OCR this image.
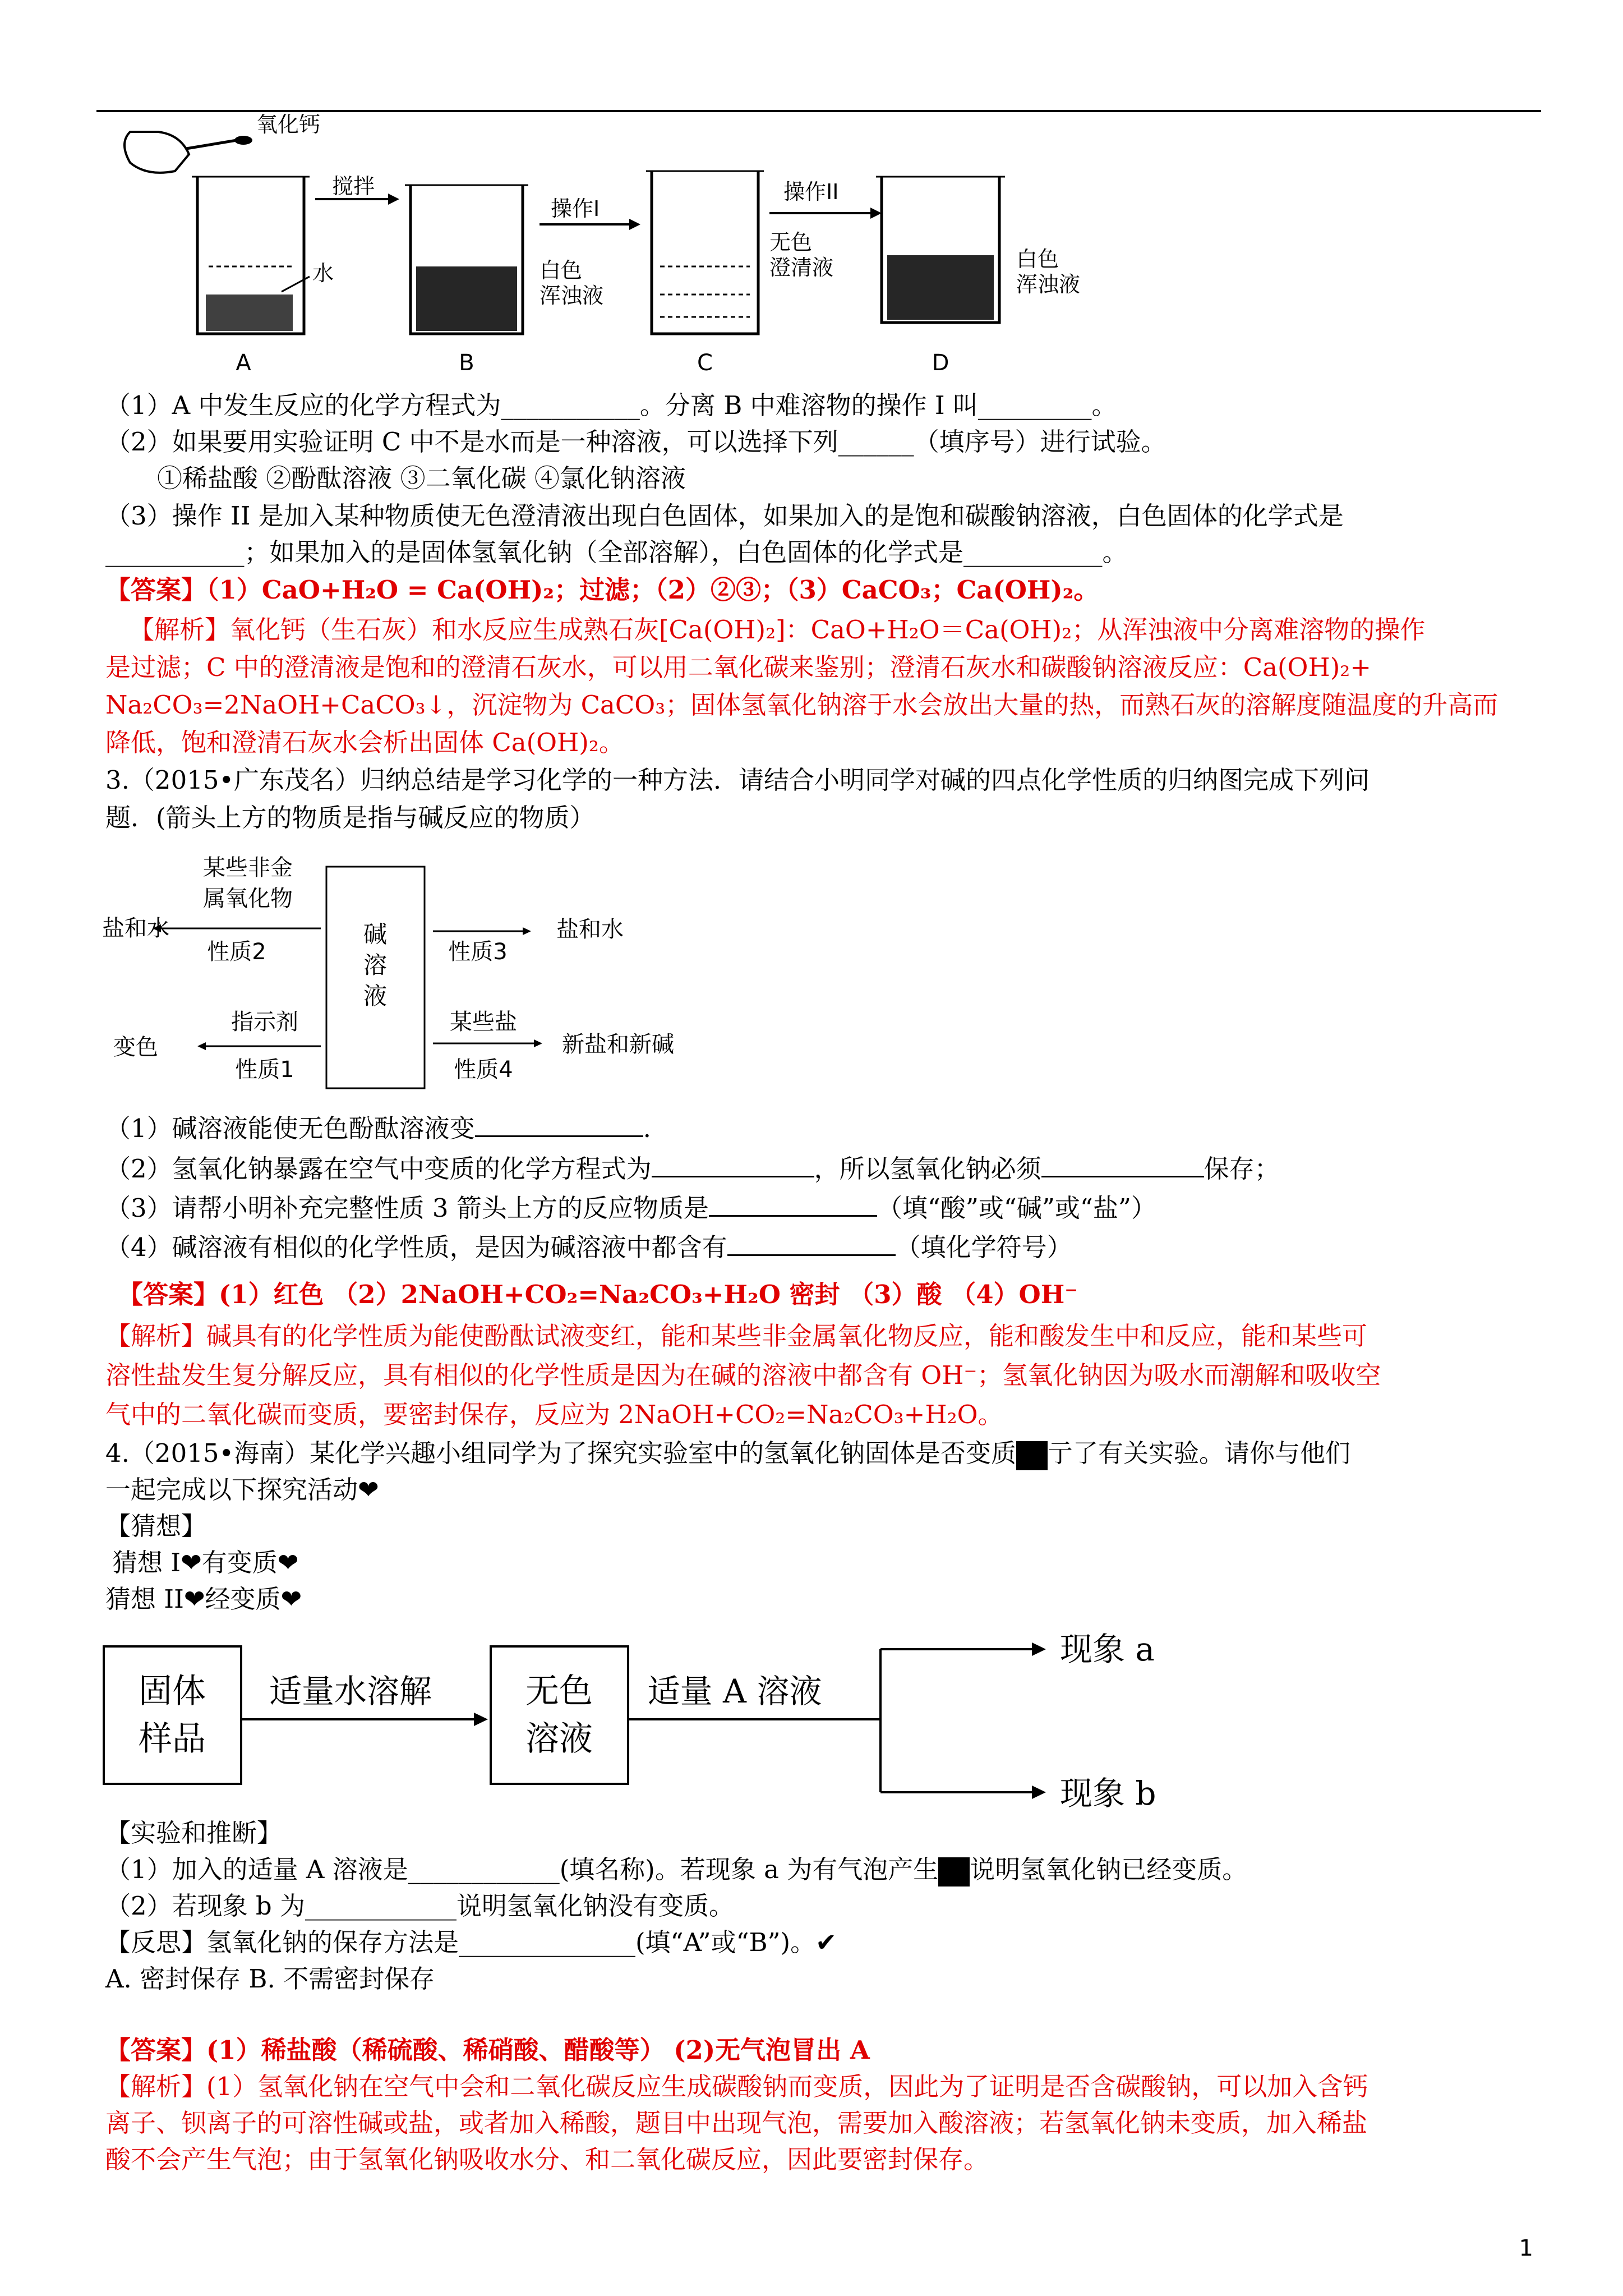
氧化钙
水
A
搅拌
白色
浑浊液
B
操作I
无色
澄清液
C
操作II
白色
浑浊液
D
（1）A 中发生反应的化学方程式为___________。分离 B 中难溶物的操作 I 叫_________。
（2）如果要用实验证明 C 中不是水而是一种溶液，可以选择下列______（填序号）进行试验。
①稀盐酸 ②酚酞溶液 ③二氧化碳 ④氯化钠溶液
（3）操作 II 是加入某种物质使无色澄清液出现白色固体，如果加入的是饱和碳酸钠溶液，白色固体的化学式是
___________；如果加入的是固体氢氧化钠（全部溶解），白色固体的化学式是___________。
【答案】（1）CaO+H₂O = Ca(OH)₂；过滤；（2）②③；（3）CaCO₃；Ca(OH)₂。
【解析】氧化钙（生石灰）和水反应生成熟石灰[Ca(OH)₂]：CaO+H₂O＝Ca(OH)₂；从浑浊液中分离难溶物的操作
是过滤；C 中的澄清液是饱和的澄清石灰水，可以用二氧化碳来鉴别；澄清石灰水和碳酸钠溶液反应：Ca(OH)₂+
Na₂CO₃=2NaOH+CaCO₃↓，沉淀物为 CaCO₃；固体氢氧化钠溶于水会放出大量的热，而熟石灰的溶解度随温度的升高而
降低，饱和澄清石灰水会析出固体 Ca(OH)₂。
3.（2015•广东茂名）归纳总结是学习化学的一种方法．请结合小明同学对碱的四点化学性质的归纳图完成下列问
题．(箭头上方的物质是指与碱反应的物质）
碱
溶
液
某些非金
属氧化物
性质2
盐和水
性质3
盐和水
指示剂
性质1
变色
某些盐
性质4
新盐和新碱
（1）碱溶液能使无色酚酞溶液变	.
（2）氢氧化钠暴露在空气中变质的化学方程式为	，所以氢氧化钠必须	保存；
（3）请帮小明补充完整性质 3 箭头上方的反应物质是	（填“酸”或“碱”或“盐”）
（4）碱溶液有相似的化学性质，是因为碱溶液中都含有	（填化学符号）
【答案】(1）红色 （2）2NaOH+CO₂=Na₂CO₃+H₂O 密封 （3）酸 （4）OH⁻
【解析】碱具有的化学性质为能使酚酞试液变红，能和某些非金属氧化物反应，能和酸发生中和反应，能和某些可
溶性盐发生复分解反应，具有相似的化学性质是因为在碱的溶液中都含有 OH⁻；氢氧化钠因为吸水而潮解和吸收空
气中的二氧化碳而变质，要密封保存，反应为 2NaOH+CO₂=Na₂CO₃+H₂O。
4.（2015•海南）某化学兴趣小组同学为了探究实验室中的氢氧化钠固体是否变质 亍了有关实验。请你与他们
一起完成以下探究活动❤
【猜想】
猜想 I❤有变质❤
猜想 II❤经变质❤
固体
样品
适量水溶解	无色
溶液
适量 A 溶液
现象 a
现象 b
【实验和推断】
（1）加入的适量 A 溶液是____________(填名称)。若现象 a 为有气泡产生 说明氢氧化钠已经变质。
（2）若现象 b 为____________说明氢氧化钠没有变质。
【反思】氢氧化钠的保存方法是______________(填“A”或“B”)。✔
A. 密封保存 B. 不需密封保存
【答案】(1）稀盐酸（稀硫酸、稀硝酸、醋酸等） (2)无气泡冒出 A
【解析】(1）氢氧化钠在空气中会和二氧化碳反应生成碳酸钠而变质，因此为了证明是否含碳酸钠，可以加入含钙
离子、钡离子的可溶性碱或盐，或者加入稀酸，题目中出现气泡，需要加入酸溶液；若氢氧化钠未变质，加入稀盐
酸不会产生气泡；由于氢氧化钠吸收水分、和二氧化碳反应，因此要密封保存。
1
